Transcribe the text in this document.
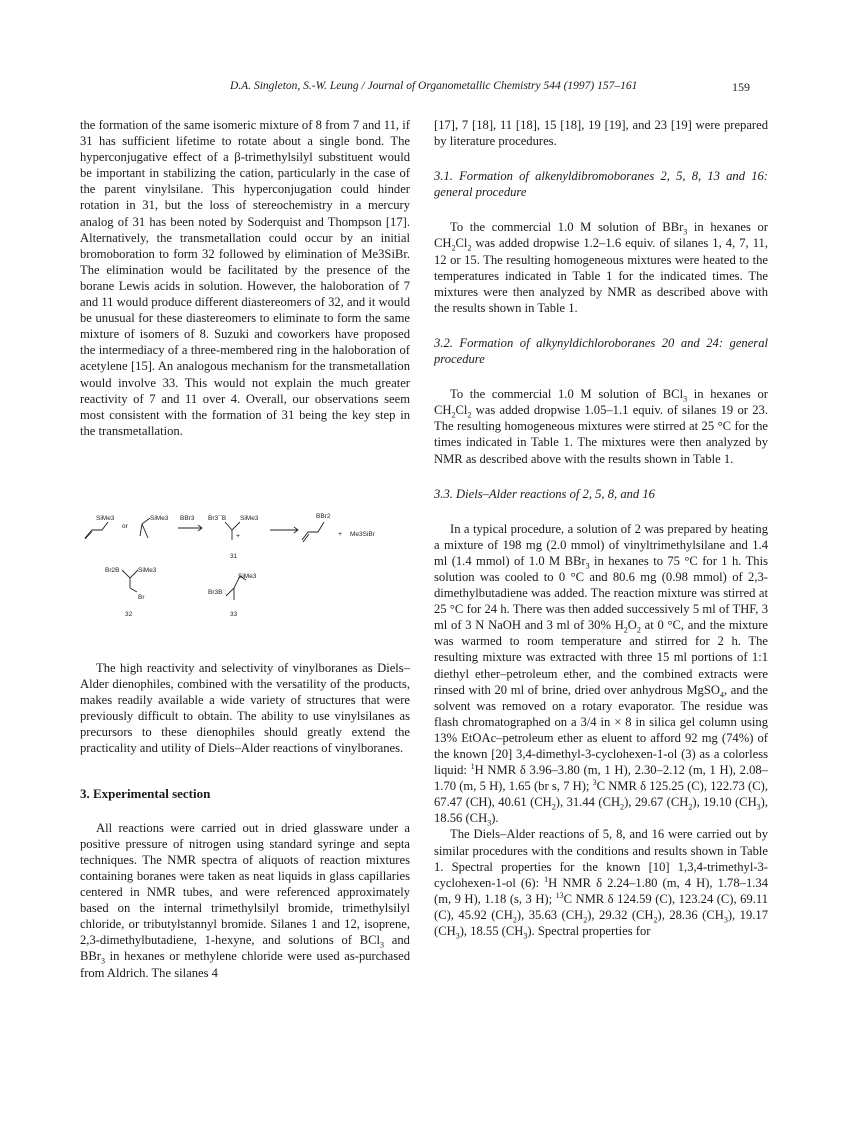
D.A. Singleton, S.-W. Leung / Journal of Organometallic Chemistry 544 (1997) 157–161	159

the formation of the same isomeric mixture of 8 from 7 and 11, if 31 has sufficient lifetime to rotate about a single bond. The hyperconjugative effect of a β-trimethylsilyl substituent would be important in stabilizing the cation, particularly in the case of the parent vinylsilane. This hyperconjugation could hinder rotation in 31, but the loss of stereochemistry in a mercury analog of 31 has been noted by Soderquist and Thompson [17]. Alternatively, the transmetallation could occur by an initial bromoboration to form 32 followed by elimination of Me3SiBr. The elimination would be facilitated by the presence of the borane Lewis acids in solution. However, the haloboration of 7 and 11 would produce different diastereomers of 32, and it would be unusual for these diastereomers to eliminate to form the same mixture of isomers of 8. Suzuki and coworkers have proposed the intermediacy of a three-membered ring in the haloboration of acetylene [15]. An analogous mechanism for the transmetallation would involve 33. This would not explain the much greater reactivity of 7 and 11 over 4. Overall, our observations seem most consistent with the formation of 31 being the key step in the transmetallation.

SiMe3
or
SiMe3 BBr3 Br3¯B SiMe3
+
31
BBr2
+ Me3SiBr
Br2B	SiMe3
Br
32
SiMe3
Br3B :
33

The high reactivity and selectivity of vinylboranes as Diels–Alder dienophiles, combined with the versatility of the products, makes readily available a wide variety of structures that were previously difficult to obtain. The ability to use vinylsilanes as precursors to these dienophiles should greatly extend the practicality and utility of Diels–Alder reactions of vinylboranes.

3. Experimental section

All reactions were carried out in dried glassware under a positive pressure of nitrogen using standard syringe and septa techniques. The NMR spectra of aliquots of reaction mixtures containing boranes were taken as neat liquids in glass capillaries centered in NMR tubes, and were referenced approximately based on the internal trimethylsilyl bromide, trimethylsilyl chloride, or tributylstannyl bromide. Silanes 1 and 12, isoprene, 2,3-dimethylbutadiene, 1-hexyne, and solutions of BCl$_3$ and BBr$_3$ in hexanes or methylene chloride were used as-purchased from Aldrich. The silanes 4

[17], 7 [18], 11 [18], 15 [18], 19 [19], and 23 [19] were prepared by literature procedures.

3.1. Formation of alkenyldibromoboranes 2, 5, 8, 13 and 16: general procedure

To the commercial 1.0 M solution of BBr$_3$ in hexanes or $CH_2Cl_2$ was added dropwise 1.2–1.6 equiv. of silanes 1, 4, 7, 11, 12 or 15. The resulting homogeneous mixtures were heated to the temperatures indicated in Table 1 for the indicated times. The mixtures were then analyzed by NMR as described above with the results shown in Table 1.

3.2. Formation of alkynyldichloroboranes 20 and 24: general procedure

To the commercial 1.0 M solution of BCl$_3$ in hexanes or $CH_2Cl_2$ was added dropwise 1.05–1.1 equiv. of silanes 19 or 23. The resulting homogeneous mixtures were stirred at 25 °C for the times indicated in Table 1. The mixtures were then analyzed by NMR as described above with the results shown in Table 1.

3.3. Diels–Alder reactions of 2, 5, 8, and 16

In a typical procedure, a solution of 2 was prepared by heating a mixture of 198 mg (2.0 mmol) of vinyltrimethylsilane and 1.4 ml (1.4 mmol) of 1.0 M BBr$_3$ in hexanes to 75 °C for 1 h. This solution was cooled to 0 °C and 80.6 mg (0.98 mmol) of 2,3-dimethylbutadiene was added. The reaction mixture was stirred at 25 °C for 24 h. There was then added successively 5 ml of THF, 3 ml of 3 N NaOH and 3 ml of 30% $H_2O_2$ at 0 °C, and the mixture was warmed to room temperature and stirred for 2 h. The resulting mixture was extracted with three 15 ml portions of 1:1 diethyl ether–petroleum ether, and the combined extracts were rinsed with 20 ml of brine, dried over anhydrous MgSO$_4$, and the solvent was removed on a rotary evaporator. The residue was flash chromatographed on a 3/4 in × 8 in silica gel column using 13% EtOAc–petroleum ether as eluent to afford 92 mg (74%) of the known [20] 3,4-dimethyl-3-cyclohexen-1-ol (3) as a colorless liquid: $^1$H NMR δ 3.96–3.80 (m, 1 H), 2.30–2.12 (m, 1 H), 2.08–1.70 (m, 5 H), 1.65 (br s, 7 H); $^3$C NMR δ 125.25 (C), 122.73 (C), 67.47 (CH), 40.61 $(CH_2)$, 31.44 $(CH_2)$, 29.67 $(CH_2)$, 19.10 $(CH_3)$, 18.56 $(CH_3)$.

The Diels–Alder reactions of 5, 8, and 16 were carried out by similar procedures with the conditions and results shown in Table 1. Spectral properties for the known [10] 1,3,4-trimethyl-3-cyclohexen-1-ol (6): $^1$H NMR δ 2.24–1.80 (m, 4 H), 1.78–1.34 (m, 9 H), 1.18 (s, 3 H); $^{13}$C NMR δ 124.59 (C), 123.24 (C), 69.11 (C), 45.92 $(CH_2)$, 35.63 $(CH_2)$, 29.32 $(CH_2)$, 28.36 $(CH_3)$, 19.17 $(CH_3)$, 18.55 $(CH_3)$. Spectral properties for
